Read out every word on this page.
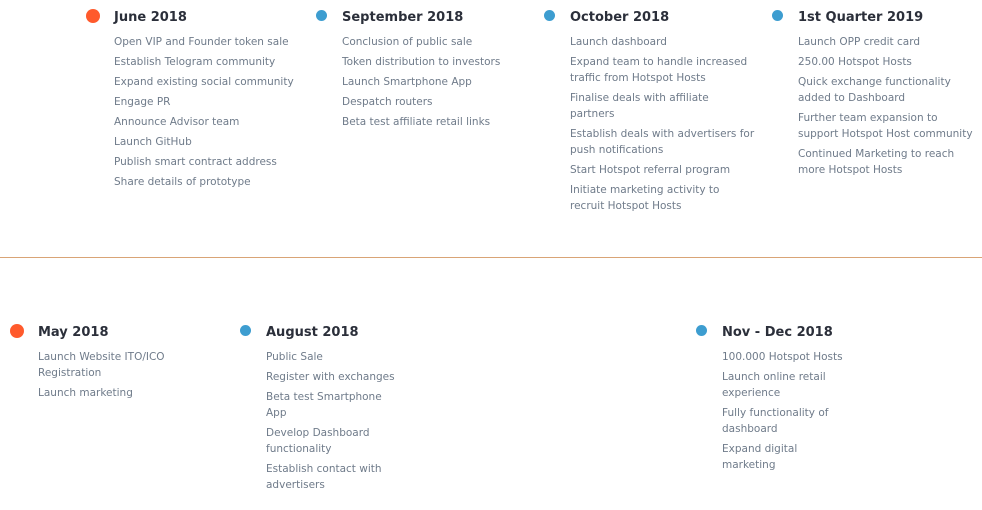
June 2018
Open VIP and Founder token sale
Establish Telogram community
Expand existing social community
Engage PR
Announce Advisor team
Launch GitHub
Publish smart contract address
Share details of prototype
September 2018
Conclusion of public sale
Token distribution to investors
Launch Smartphone App
Despatch routers
Beta test affiliate retail links
October 2018
Launch dashboard
Expand team to handle increased traffic from Hotspot Hosts
Finalise deals with affiliate partners
Establish deals with advertisers for push notifications
Start Hotspot referral program
Initiate marketing activity to recruit Hotspot Hosts
1st Quarter 2019
Launch OPP credit card
250.00 Hotspot Hosts
Quick exchange functionality added to Dashboard
Further team expansion to support Hotspot Host community
Continued Marketing to reach more Hotspot Hosts
May 2018
Launch Website ITO/ICO Registration
Launch marketing
August 2018
Public Sale
Register with exchanges
Beta test Smartphone App
Develop Dashboard functionality
Establish contact with advertisers
Nov - Dec 2018
100.000 Hotspot Hosts
Launch online retail experience
Fully functionality of dashboard
Expand digital marketing
